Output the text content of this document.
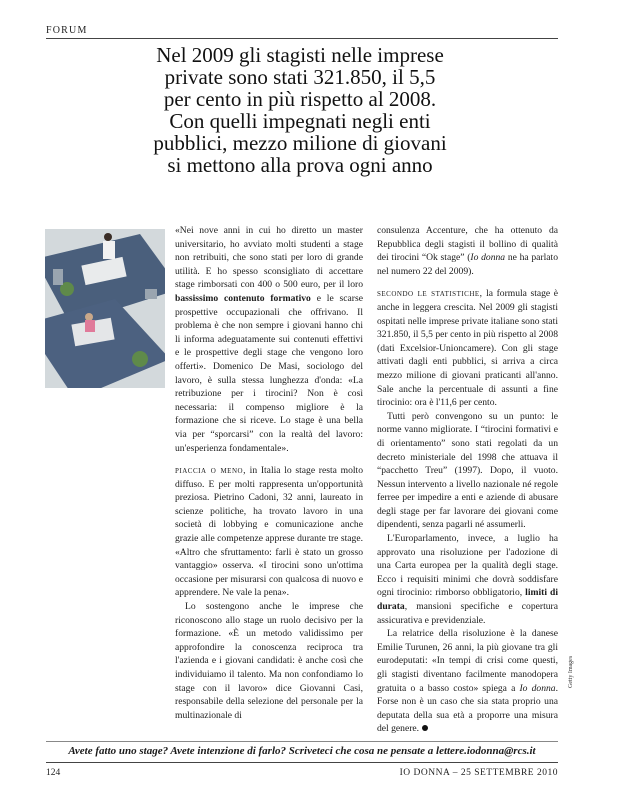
FORUM
Nel 2009 gli stagisti nelle imprese private sono stati 321.850, il 5,5 per cento in più rispetto al 2008. Con quelli impegnati negli enti pubblici, mezzo milione di giovani si mettono alla prova ogni anno

«Nei nove anni in cui ho diretto un master universitario, ho avviato molti studenti a stage non retribuiti, che sono stati per loro di grande utilità. E ho spesso sconsigliato di accettare stage rimborsati con 400 o 500 euro, per il loro bassissimo contenuto formativo e le scarse prospettive occupazionali che offrivano. Il problema è che non sempre i giovani hanno chi li informa adeguatamente sui contenuti effettivi e le prospettive degli stage che vengono loro offerti». Domenico De Masi, sociologo del lavoro, è sulla stessa lunghezza d'onda: «La retribuzione per i tirocini? Non è così necessaria: il compenso migliore è la formazione che si riceve. Lo stage è una bella via per “sporcarsi” con la realtà del lavoro: un'esperienza fondamentale».

piaccia o meno, in Italia lo stage resta molto diffuso. E per molti rappresenta un'opportunità preziosa. Pietrino Cadoni, 32 anni, laureato in scienze politiche, ha trovato lavoro in una società di lobbying e comunicazione anche grazie alle competenze apprese durante tre stage. «Altro che sfruttamento: farli è stato un grosso vantaggio» osserva. «I tirocini sono un'ottima occasione per misurarsi con qualcosa di nuovo e apprendere. Ne vale la pena».

Lo sostengono anche le imprese che riconoscono allo stage un ruolo decisivo per la formazione. «È un metodo validissimo per approfondire la conoscenza reciproca tra l'azienda e i giovani candidati: è anche così che individuiamo il talento. Ma non confondiamo lo stage con il lavoro» dice Giovanni Casi, responsabile della selezione del personale per la multinazionale di

consulenza Accenture, che ha ottenuto da Repubblica degli stagisti il bollino di qualità dei tirocini “Ok stage” (Io donna ne ha parlato nel numero 22 del 2009).

secondo le statistiche, la formula stage è anche in leggera crescita. Nel 2009 gli stagisti ospitati nelle imprese private italiane sono stati 321.850, il 5,5 per cento in più rispetto al 2008 (dati Excelsior-Unioncamere). Con gli stage attivati dagli enti pubblici, si arriva a circa mezzo milione di giovani praticanti all'anno. Sale anche la percentuale di assunti a fine tirocinio: ora è l'11,6 per cento.

Tutti però convengono su un punto: le norme vanno migliorate. I “tirocini formativi e di orientamento” sono stati regolati da un decreto ministeriale del 1998 che attuava il “pacchetto Treu” (1997). Dopo, il vuoto. Nessun intervento a livello nazionale né regole ferree per impedire a enti e aziende di abusare degli stage per far lavorare dei giovani come dipendenti, senza pagarli né assumerli.

L'Europarlamento, invece, a luglio ha approvato una risoluzione per l'adozione di una Carta europea per la qualità degli stage. Ecco i requisiti minimi che dovrà soddisfare ogni tirocinio: rimborso obbligatorio, limiti di durata, mansioni specifiche e copertura assicurativa e previdenziale.

La relatrice della risoluzione è la danese Emilie Turunen, 26 anni, la più giovane tra gli eurodeputati: «In tempi di crisi come questi, gli stagisti diventano facilmente manodopera gratuita o a basso costo» spiega a Io donna. Forse non è un caso che sia stata proprio una deputata della sua età a proporre una misura del genere.

Getty Images
Avete fatto uno stage? Avete intenzione di farlo? Scriveteci che cosa ne pensate a lettere.iodonna@rcs.it
124	IO DONNA – 25 SETTEMBRE 2010
